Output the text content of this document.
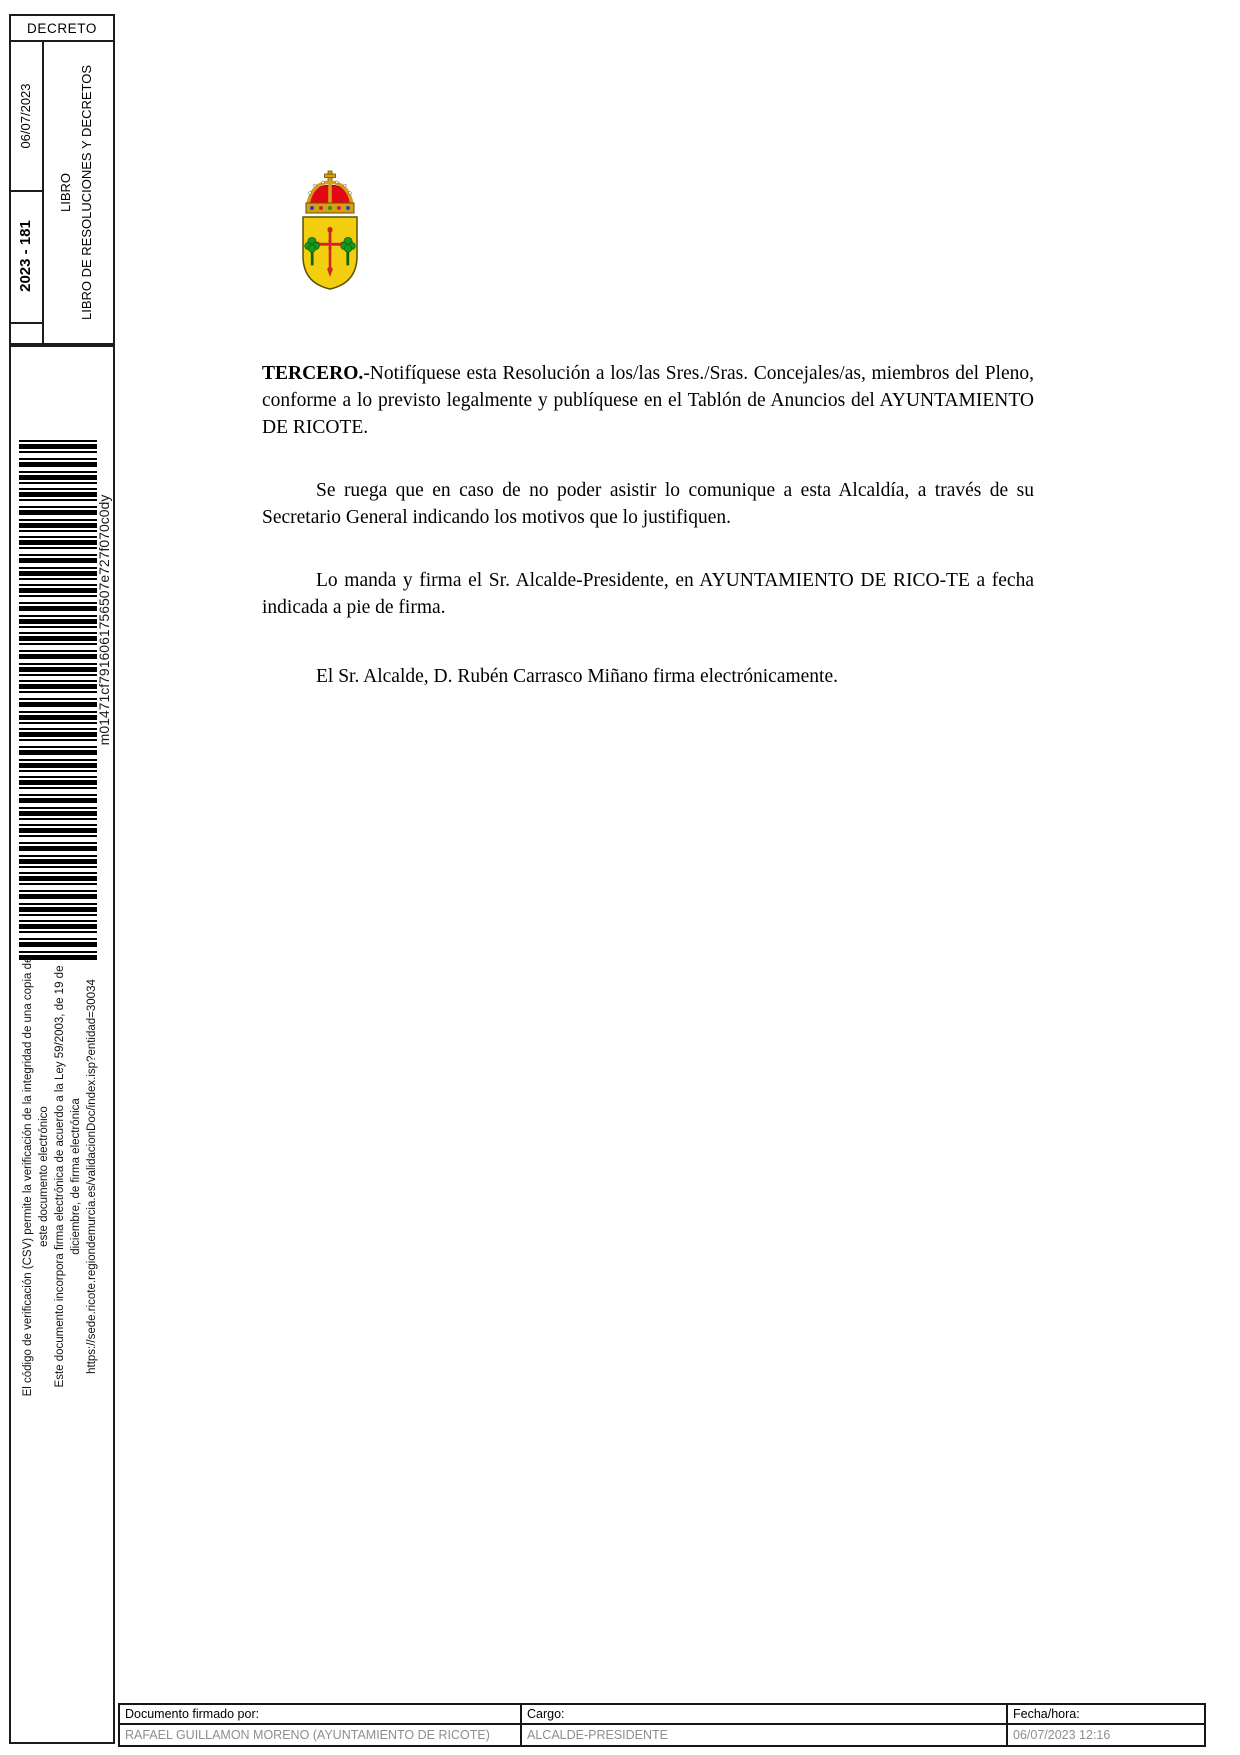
DECRETO
06/07/2023
2023 - 181
LIBRO LIBRO DE RESOLUCIONES Y DECRETOS
m01471cf7916061756507e727f070c0dy
El código de verificación (CSV) permite la verificación de la integridad de una copia de este documento electrónico Este documento incorpora firma electrónica de acuerdo a la Ley 59/2003, de 19 de diciembre, de firma electrónica https://sede.ricote.regiondemurcia.es/validacionDoc/index.isp?entidad=30034

TERCERO.-Notifíquese esta Resolución a los/las Sres./Sras. Concejales/as, miembros del Pleno, conforme a lo previsto legalmente y publíquese en el Tablón de Anuncios del AYUNTAMIENTO DE RICOTE.

Se ruega que en caso de no poder asistir lo comunique a esta Alcaldía, a través de su Secretario General indicando los motivos que lo justifiquen.

Lo manda y firma el Sr. Alcalde-Presidente, en AYUNTAMIENTO DE RICO-TE a fecha indicada a pie de firma.

El Sr. Alcalde, D. Rubén Carrasco Miñano firma electrónicamente.

Documento firmado por:	Cargo:	Fecha/hora:
RAFAEL GUILLAMON MORENO (AYUNTAMIENTO DE RICOTE)	ALCALDE-PRESIDENTE	06/07/2023 12:16
